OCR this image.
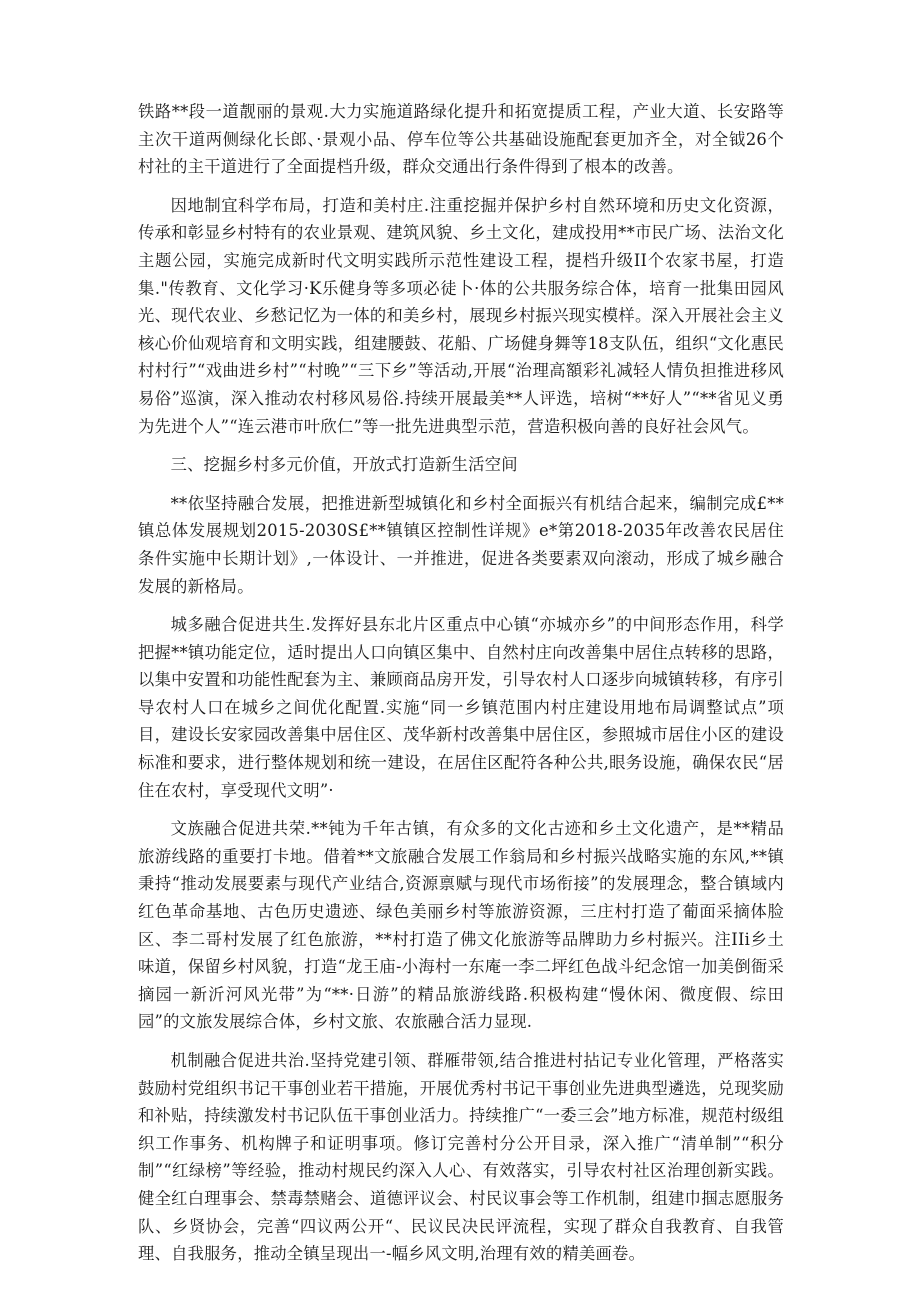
铁路**段一道靓丽的景观.大力实施道路绿化提升和拓宽提质工程，产业大道、长安路等主次干道两侧绿化长郎、·景观小品、停车位等公共基础设施配套更加齐全，对全钺26个村社的主干道进行了全面提档升级，群众交通出行条件得到了根本的改善。

因地制宜科学布局，打造和美村庄.注重挖掘并保护乡村自然环境和历史文化资源，传承和彰显乡村特有的农业景观、建筑风貌、乡土文化，建成投用**市民广场、法治文化主题公园，实施完成新时代文明实践所示范性建设工程，提档升级II个农家书屋，打造集."传教育、文化学习·K乐健身等多项必徒卜·体的公共服务综合体，培育一批集田园风光、现代农业、乡愁记忆为一体的和美乡村，展现乡村振兴现实模样。深入开展社会主义核心价仙观培育和文明实践，组建腰鼓、花船、广场健身舞等18支队伍，组织“文化惠民村村行”“戏曲进乡村”“村晚”“三下乡”等活动,开展“治理高額彩礼减轻人情负担推进移风易俗”巡演，深入推动农村移风易俗.持续开展最美**人评选，培树“**好人”“**省见义勇为先进个人”“连云港市叶欣仁”等一批先进典型示范，营造积极向善的良好社会风气。

三、挖掘乡村多元价值，开放式打造新生活空间

**依坚持融合发展，把推进新型城镇化和乡村全面振兴有机结合起来，编制完成£**镇总体发展规划2015-2030S£**镇镇区控制性详规》e*第2018-2035年改善农民居住条件实施中长期计划》,一体设计、一并推进，促进各类要素双向滚动，形成了城乡融合发展的新格局。

城多融合促进共生.发挥好县东北片区重点中心镇“亦城亦乡”的中间形态作用，科学把握**镇功能定位，适时提出人口向镇区集中、自然村庄向改善集中居住点转移的思路，以集中安置和功能性配套为主、兼顾商品房开发，引导农村人口逐步向城镇转移，有序引导农村人口在城乡之间优化配置.实施“同一乡镇范围内村庄建设用地布局调整试点”项目，建设长安家园改善集中居住区、茂华新村改善集中居住区，参照城市居住小区的建设标准和要求，进行整体规划和统一建设，在居住区配符各种公共,眼务设施，确保农民“居住在农村，享受现代文明”·

文族融合促进共荣.**钝为千年古镇，有众多的文化古迹和乡土文化遗产，是**精品旅游线路的重要打卡地。借着**文旅融合发展工作翁局和乡村振兴战略实施的东风,**镇秉持“推动发展要素与现代产业结合,资源禀赋与现代市场衔接”的发展理念，整合镇域内红色革命基地、古色历史遗迹、绿色美丽乡村等旅游资源，三庄村打造了葡面采摘体脸区、李二哥村发展了红色旅游，**村打造了佛文化旅游等品牌助力乡村振兴。注IIi乡土味道，保留乡村风貌，打造“龙王庙-小海村一东庵一李二坪红色战斗纪念馆一加美倒衙采摘园一新沂河风光带”为“**·日游”的精品旅游线路.积极构建“慢休闲、微度假、综田园”的文旅发展综合体，乡村文旅、农旅融合活力显现.

机制融合促进共治.坚持党建引领、群雁带领,结合推进村拈记专业化管理，严格落实鼓励村党组织书记干事创业若干措施，开展优秀村书记干事创业先进典型遴选，兑现奖励和补贴，持续激发村书记队伍干事创业活力。持续推广“一委三会”地方标准，规范村级组织工作事务、机构牌子和证明事项。修订完善村分公开目录，深入推广“清单制”“积分制”“红绿榜”等经验，推动村规民约深入人心、有效落实，引导农村社区治理创新实践。健全红白理事会、禁毒禁赌会、道德评议会、村民议事会等工作机制，组建巾掴志愿服务队、乡贤协会，完善“四议两公开“、民议民决民评流程，实现了群众自我教育、自我管理、自我服务，推动全镇呈现出一-幅乡风文明,治理有效的精美画卷。
